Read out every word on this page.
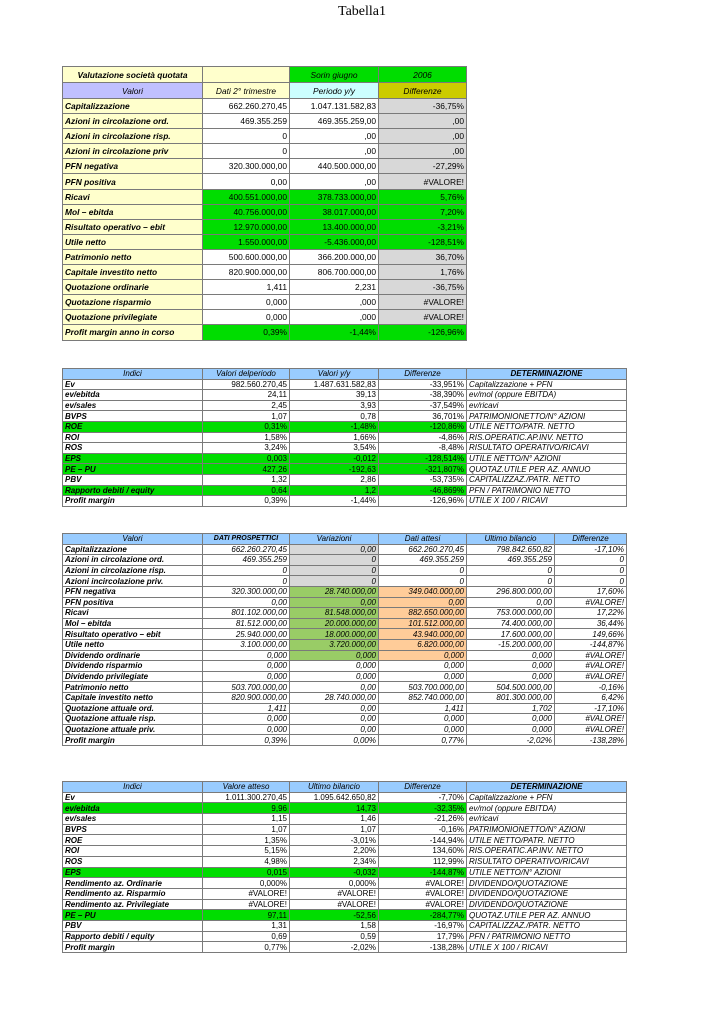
Tabella1
Valutazione società quotata		Sorin giugno	2006
Valori	Dati 2° trimestre	Periodo y/y	Differenze
Capitalizzazione	662.260.270,45	1.047.131.582,83	-36,75%
Azioni in circolazione ord.	469.355.259	469.355.259,00	,00
Azioni in circolazione risp.	0	,00	,00
Azioni in circolazione priv	0	,00	,00
PFN negativa	320.300.000,00	440.500.000,00	-27,29%
PFN positiva	0,00	,00	#VALORE!
Ricavi	400.551.000,00	378.733.000,00	5,76%
Mol – ebitda	40.756.000,00	38.017.000,00	7,20%
Risultato operativo – ebit	12.970.000,00	13.400.000,00	-3,21%
Utile netto	1.550.000,00	-5.436.000,00	-128,51%
Patrimonio netto	500.600.000,00	366.200.000,00	36,70%
Capitale investito netto	820.900.000,00	806.700.000,00	1,76%
Quotazione ordinarie	1,411	2,231	-36,75%
Quotazione risparmio	0,000	,000	#VALORE!
Quotazione privilegiate	0,000	,000	#VALORE!
Profit margin anno in corso	0,39%	-1,44%	-126,96%
Indici	Valori delperiodo	Valori y/y	Differenze	DETERMINAZIONE
Ev	982.560.270,45	1.487.631.582,83	-33,951%	Capitalizzazione + PFN
ev/ebitda	24,11	39,13	-38,390%	ev/mol (oppure EBITDA)
ev/sales	2,45	3,93	-37,549%	ev/ricavi
BVPS	1,07	0,78	36,701%	PATRIMONIONETTO/N° AZIONI
ROE	0,31%	-1,48%	-120,86%	UTILE NETTO/PATR. NETTO
ROI	1,58%	1,66%	-4,86%	RIS.OPERATIC.AP.INV. NETTO
ROS	3,24%	3,54%	-8,48%	RISULTATO OPERATIVO/RICAVI
EPS	0,003	-0,012	-128,514%	UTILE NETTO/N° AZIONI
PE – PU	427,26	-192,63	-321,807%	QUOTAZ.UTILE PER AZ. ANNUO
PBV	1,32	2,86	-53,735%	CAPITALIZZAZ./PATR. NETTO
Rapporto debiti / equity	0,64	1,2	-46,869%	PFN / PATRIMONIO NETTO
Profit margin	0,39%	-1,44%	-126,96%	UTILE X 100 / RICAVI
Valori	DATI PROSPETTICI	Variazioni	Dati attesi	Ultimo bilancio	Differenze
Capitalizzazione	662.260.270,45	0,00	662.260.270,45	798.842.650,82	-17,10%
Azioni in circolazione ord.	469.355.259	0	469.355.259	469.355.259	0
Azioni in circolazione risp.	0	0	0	0	0
Azioni incircolazione priv.	0	0	0	0	0
PFN negativa	320.300.000,00	28.740.000,00	349.040.000,00	296.800.000,00	17,60%
PFN positiva	0,00	0,00	0,00	0,00	#VALORE!
Ricavi	801.102.000,00	81.548.000,00	882.650.000,00	753.000.000,00	17,22%
Mol – ebitda	81.512.000,00	20.000.000,00	101.512.000,00	74.400.000,00	36,44%
Risultato operativo – ebit	25.940.000,00	18.000.000,00	43.940.000,00	17.600.000,00	149,66%
Utile netto	3.100.000,00	3.720.000,00	6.820.000,00	-15.200.000,00	-144,87%
Dividendo ordinarie	0,000	0,000	0,000	0,000	#VALORE!
Dividendo risparmio	0,000	0,000	0,000	0,000	#VALORE!
Dividendo privilegiate	0,000	0,000	0,000	0,000	#VALORE!
Patrimonio netto	503.700.000,00	0,00	503.700.000,00	504.500.000,00	-0,16%
Capitale investito netto	820.900.000,00	28.740.000,00	852.740.000,00	801.300.000,00	6,42%
Quotazione attuale ord.	1,411	0,00	1,411	1,702	-17,10%
Quotazione attuale risp.	0,000	0,00	0,000	0,000	#VALORE!
Quotazione attuale priv.	0,000	0,00	0,000	0,000	#VALORE!
Profit margin	0,39%	0,00%	0,77%	-2,02%	-138,28%
Indici	Valore atteso	Ultimo bilancio	Differenze	DETERMINAZIONE
Ev	1.011.300.270,45	1.095.642.650,82	-7,70%	Capitalizzazione + PFN
ev/ebitda	9,96	14,73	-32,35%	ev/mol (oppure EBITDA)
ev/sales	1,15	1,46	-21,26%	ev/ricavi
BVPS	1,07	1,07	-0,16%	PATRIMONIONETTO/N° AZIONI
ROE	1,35%	-3,01%	-144,94%	UTILE NETTO/PATR. NETTO
ROI	5,15%	2,20%	134,60%	RIS.OPERATIC.AP.INV. NETTO
ROS	4,98%	2,34%	112,99%	RISULTATO OPERATIVO/RICAVI
EPS	0,015	-0,032	-144,87%	UTILE NETTO/N° AZIONI
Rendimento az. Ordinarie	0,000%	0,000%	#VALORE!	DIVIDENDO/QUOTAZIONE
Rendimento az. Risparmio	#VALORE!	#VALORE!	#VALORE!	DIVIDENDO/QUOTAZIONE
Rendimento az. Privilegiate	#VALORE!	#VALORE!	#VALORE!	DIVIDENDO/QUOTAZIONE
PE – PU	97,11	-52,56	-284,77%	QUOTAZ.UTILE PER AZ. ANNUO
PBV	1,31	1,58	-16,97%	CAPITALIZZAZ./PATR. NETTO
Rapporto debiti / equity	0,69	0,59	17,79%	PFN / PATRIMONIO NETTO
Profit margin	0,77%	-2,02%	-138,28%	UTILE X 100 / RICAVI
